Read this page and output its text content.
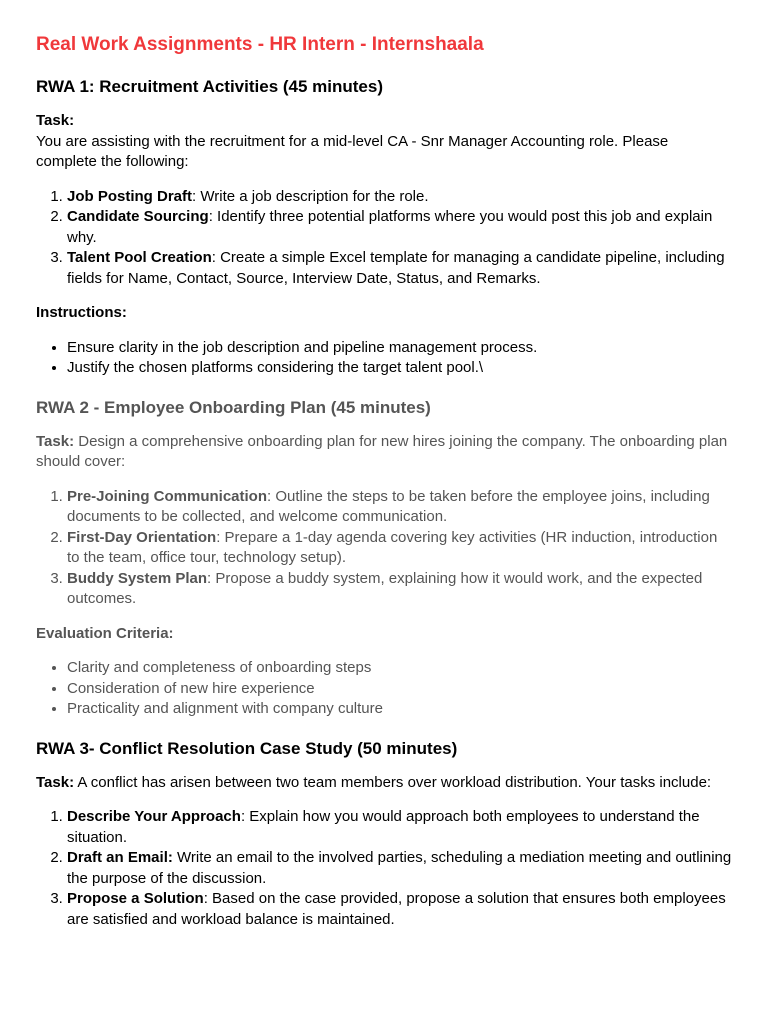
Real Work Assignments - HR Intern - Internshaala
RWA 1: Recruitment Activities (45 minutes)
Task:
You are assisting with the recruitment for a mid-level CA - Snr Manager Accounting role. Please complete the following:
1. Job Posting Draft: Write a job description for the role.
2. Candidate Sourcing: Identify three potential platforms where you would post this job and explain why.
3. Talent Pool Creation: Create a simple Excel template for managing a candidate pipeline, including fields for Name, Contact, Source, Interview Date, Status, and Remarks.
Instructions:
• Ensure clarity in the job description and pipeline management process.
• Justify the chosen platforms considering the target talent pool.\
RWA 2 - Employee Onboarding Plan (45 minutes)
Task: Design a comprehensive onboarding plan for new hires joining the company. The onboarding plan should cover:
1. Pre-Joining Communication: Outline the steps to be taken before the employee joins, including documents to be collected, and welcome communication.
2. First-Day Orientation: Prepare a 1-day agenda covering key activities (HR induction, introduction to the team, office tour, technology setup).
3. Buddy System Plan: Propose a buddy system, explaining how it would work, and the expected outcomes.
Evaluation Criteria:
• Clarity and completeness of onboarding steps
• Consideration of new hire experience
• Practicality and alignment with company culture
RWA 3- Conflict Resolution Case Study (50 minutes)
Task: A conflict has arisen between two team members over workload distribution. Your tasks include:
1. Describe Your Approach: Explain how you would approach both employees to understand the situation.
2. Draft an Email: Write an email to the involved parties, scheduling a mediation meeting and outlining the purpose of the discussion.
3. Propose a Solution: Based on the case provided, propose a solution that ensures both employees are satisfied and workload balance is maintained.
